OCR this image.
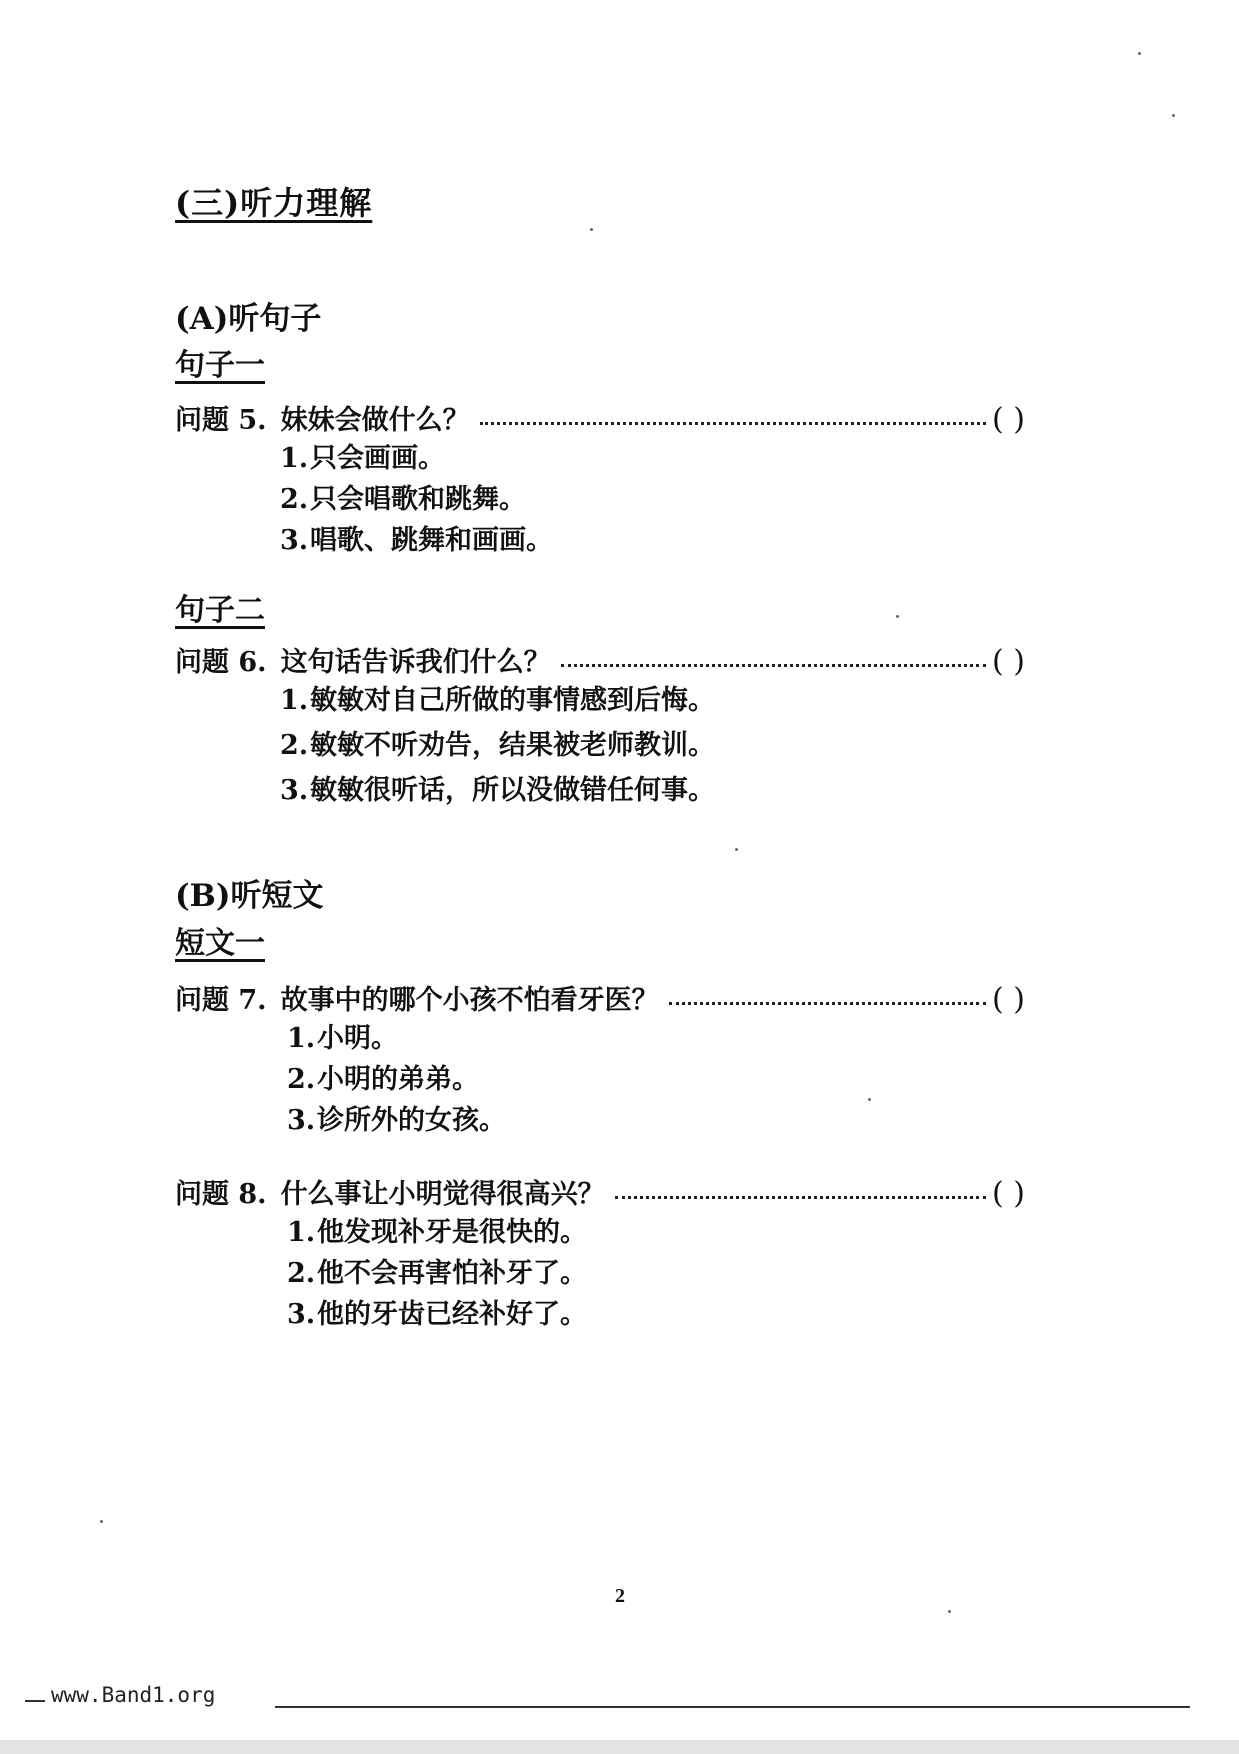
(三)听力理解
(A)听句子
句子一
问题 5. 妹妹会做什么？	( )
1. 只会画画。
2. 只会唱歌和跳舞。
3. 唱歌、跳舞和画画。
句子二
问题 6. 这句话告诉我们什么？	( )
1. 敏敏对自己所做的事情感到后悔。
2. 敏敏不听劝告，结果被老师教训。
3. 敏敏很听话，所以没做错任何事。
(B)听短文
短文一
问题 7. 故事中的哪个小孩不怕看牙医？	( )
1. 小明。
2. 小明的弟弟。
3. 诊所外的女孩。
问题 8. 什么事让小明觉得很高兴？	( )
1. 他发现补牙是很快的。
2. 他不会再害怕补牙了。
3. 他的牙齿已经补好了。
2
www.Band1.org
